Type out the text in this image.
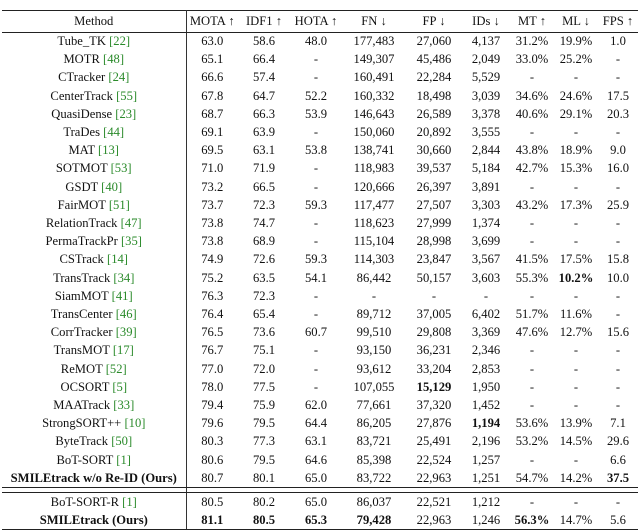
Method	MOTA ↑	IDF1 ↑	HOTA ↑	FN ↓	FP ↓	IDs ↓	MT ↑	ML ↓	FPS ↑
Tube_TK [22]	63.0	58.6	48.0	177,483	27,060	4,137	31.2%	19.9%	1.0
MOTR [48]	65.1	66.4	-	149,307	45,486	2,049	33.0%	25.2%	-
CTracker [24]	66.6	57.4	-	160,491	22,284	5,529	-	-	-
CenterTrack [55]	67.8	64.7	52.2	160,332	18,498	3,039	34.6%	24.6%	17.5
QuasiDense [23]	68.7	66.3	53.9	146,643	26,589	3,378	40.6%	29.1%	20.3
TraDes [44]	69.1	63.9	-	150,060	20,892	3,555	-	-	-
MAT [13]	69.5	63.1	53.8	138,741	30,660	2,844	43.8%	18.9%	9.0
SOTMOT [53]	71.0	71.9	-	118,983	39,537	5,184	42.7%	15.3%	16.0
GSDT [40]	73.2	66.5	-	120,666	26,397	3,891	-	-	-
FairMOT [51]	73.7	72.3	59.3	117,477	27,507	3,303	43.2%	17.3%	25.9
RelationTrack [47]	73.8	74.7	-	118,623	27,999	1,374	-	-	-
PermaTrackPr [35]	73.8	68.9	-	115,104	28,998	3,699	-	-	-
CSTrack [14]	74.9	72.6	59.3	114,303	23,847	3,567	41.5%	17.5%	15.8
TransTrack [34]	75.2	63.5	54.1	86,442	50,157	3,603	55.3%	10.2%	10.0
SiamMOT [41]	76.3	72.3	-	-	-	-	-	-	-
TransCenter [46]	76.4	65.4	-	89,712	37,005	6,402	51.7%	11.6%	-
CorrTracker [39]	76.5	73.6	60.7	99,510	29,808	3,369	47.6%	12.7%	15.6
TransMOT [17]	76.7	75.1	-	93,150	36,231	2,346	-	-	-
ReMOT [52]	77.0	72.0	-	93,612	33,204	2,853	-	-	-
OCSORT [5]	78.0	77.5	-	107,055	15,129	1,950	-	-	-
MAATrack [33]	79.4	75.9	62.0	77,661	37,320	1,452	-	-	-
StrongSORT++ [10]	79.6	79.5	64.4	86,205	27,876	1,194	53.6%	13.9%	7.1
ByteTrack [50]	80.3	77.3	63.1	83,721	25,491	2,196	53.2%	14.5%	29.6
BoT-SORT [1]	80.6	79.5	64.6	85,398	22,524	1,257	-	-	6.6
SMILEtrack w/o Re-ID (Ours)	80.7	80.1	65.0	83,722	22,963	1,251	54.7%	14.2%	37.5

BoT-SORT-R [1]	80.5	80.2	65.0	86,037	22,521	1,212	-	-	-
SMILEtrack (Ours)	81.1	80.5	65.3	79,428	22,963	1,246	56.3%	14.7%	5.6
